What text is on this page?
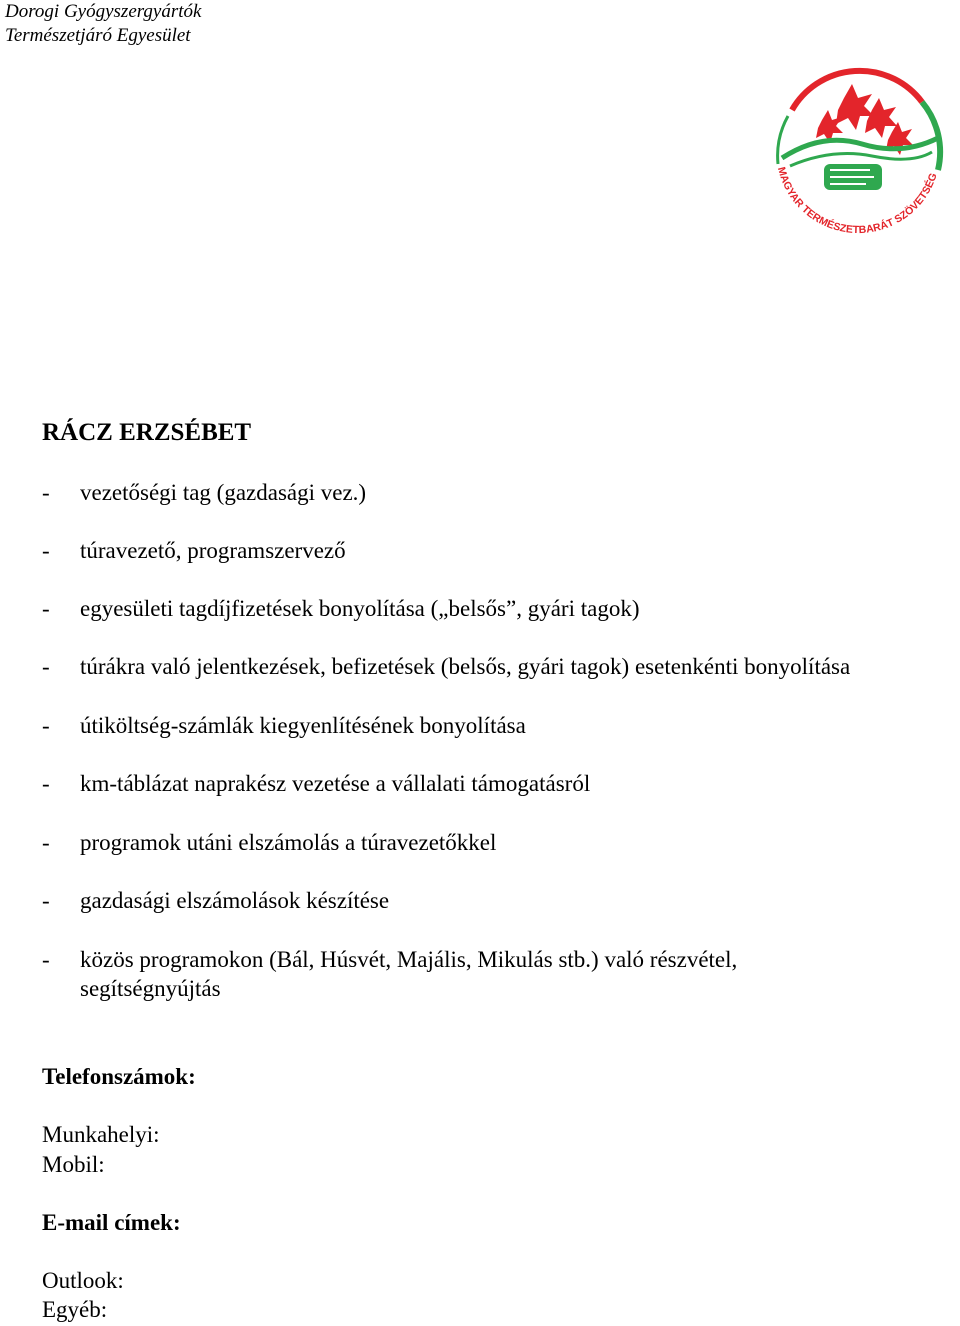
Dorogi Gyógyszergyártók
Természetjáró Egyesület
MAGYAR TERMÉSZETBARÁT SZÖVETSÉG
RÁCZ ERZSÉBET
- vezetőségi tag (gazdasági vez.)
- túravezető, programszervező
- egyesületi tagdíjfizetések bonyolítása („belsős”, gyári tagok)
- túrákra való jelentkezések, befizetések (belsős, gyári tagok) esetenkénti bonyolítása
- útiköltség-számlák kiegyenlítésének bonyolítása
- km-táblázat naprakész vezetése a vállalati támogatásról
- programok utáni elszámolás a túravezetőkkel
- gazdasági elszámolások készítése
- közös programokon (Bál, Húsvét, Majális, Mikulás stb.) való részvétel, segítségnyújtás
Telefonszámok:
Munkahelyi:
Mobil:
E-mail címek:
Outlook:
Egyéb:
